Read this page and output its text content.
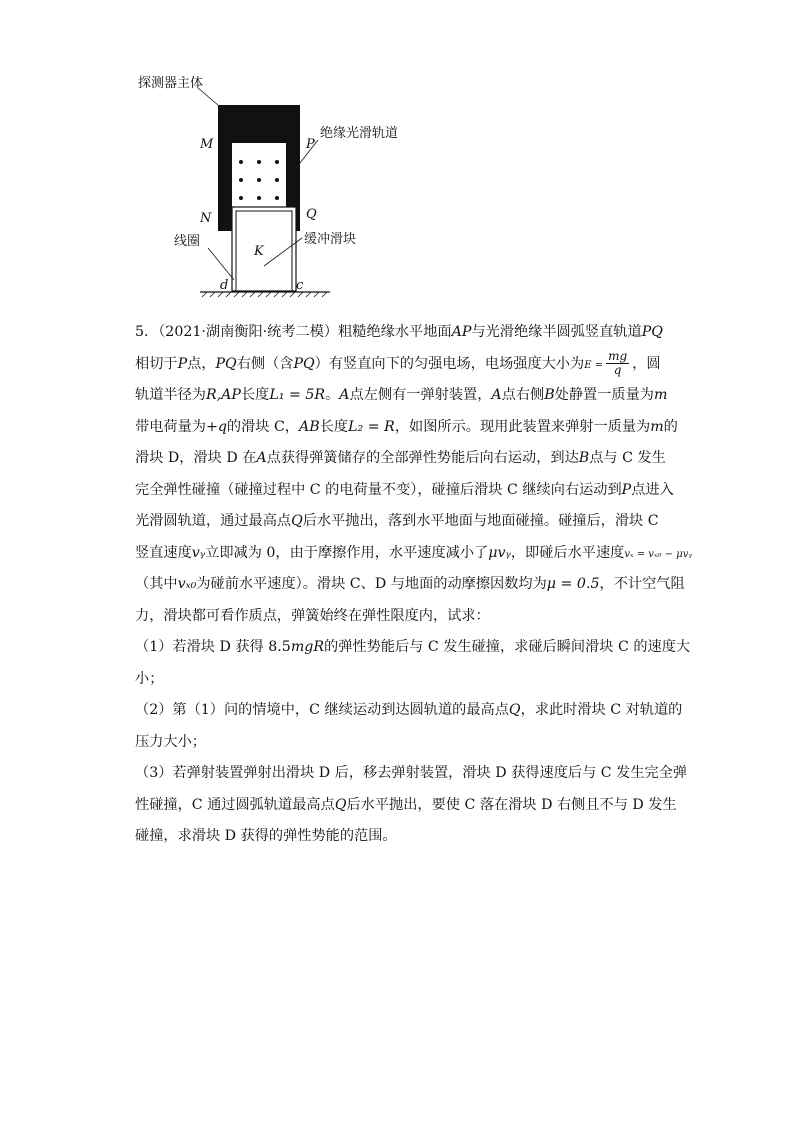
探测器主体
绝缘光滑轨道
线圈	缓冲滑块
M	P
N	Q
K
d	c
5．（2021·湖南衡阳·统考二模）粗糙绝缘水平地面AP与光滑绝缘半圆弧竖直轨道PQ
相切于P点，PQ右侧（含PQ）有竖直向下的匀强电场，电场强度大小为$E = \frac{mg}{q}$ ，圆
轨道半径为R,AP长度L₁ = 5R。A点左侧有一弹射装置，A点右侧B处静置一质量为m
带电荷量为+q的滑块 C，AB长度L₂ = R，如图所示。现用此装置来弹射一质量为m的
滑块 D，滑块 D 在A点获得弹簧储存的全部弹性势能后向右运动，到达B点与 C 发生
完全弹性碰撞（碰撞过程中 C 的电荷量不变），碰撞后滑块 C 继续向右运动到P点进入
光滑圆轨道，通过最高点Q后水平抛出，落到水平地面与地面碰撞。碰撞后，滑块 C
竖直速度vᵧ立即减为 0，由于摩擦作用，水平速度减小了μvᵧ，即碰后水平速度vₓ = vₓ₀ − μvᵧ
（其中vₓ₀为碰前水平速度）。滑块 C、D 与地面的动摩擦因数均为μ = 0.5，不计空气阻
力，滑块都可看作质点，弹簧始终在弹性限度内，试求：
（1）若滑块 D 获得 8.5mgR的弹性势能后与 C 发生碰撞，求碰后瞬间滑块 C 的速度大
小；
（2）第（1）问的情境中，C 继续运动到达圆轨道的最高点Q，求此时滑块 C 对轨道的
压力大小；
（3）若弹射装置弹射出滑块 D 后，移去弹射装置，滑块 D 获得速度后与 C 发生完全弹
性碰撞，C 通过圆弧轨道最高点Q后水平抛出，要使 C 落在滑块 D 右侧且不与 D 发生
碰撞，求滑块 D 获得的弹性势能的范围。
